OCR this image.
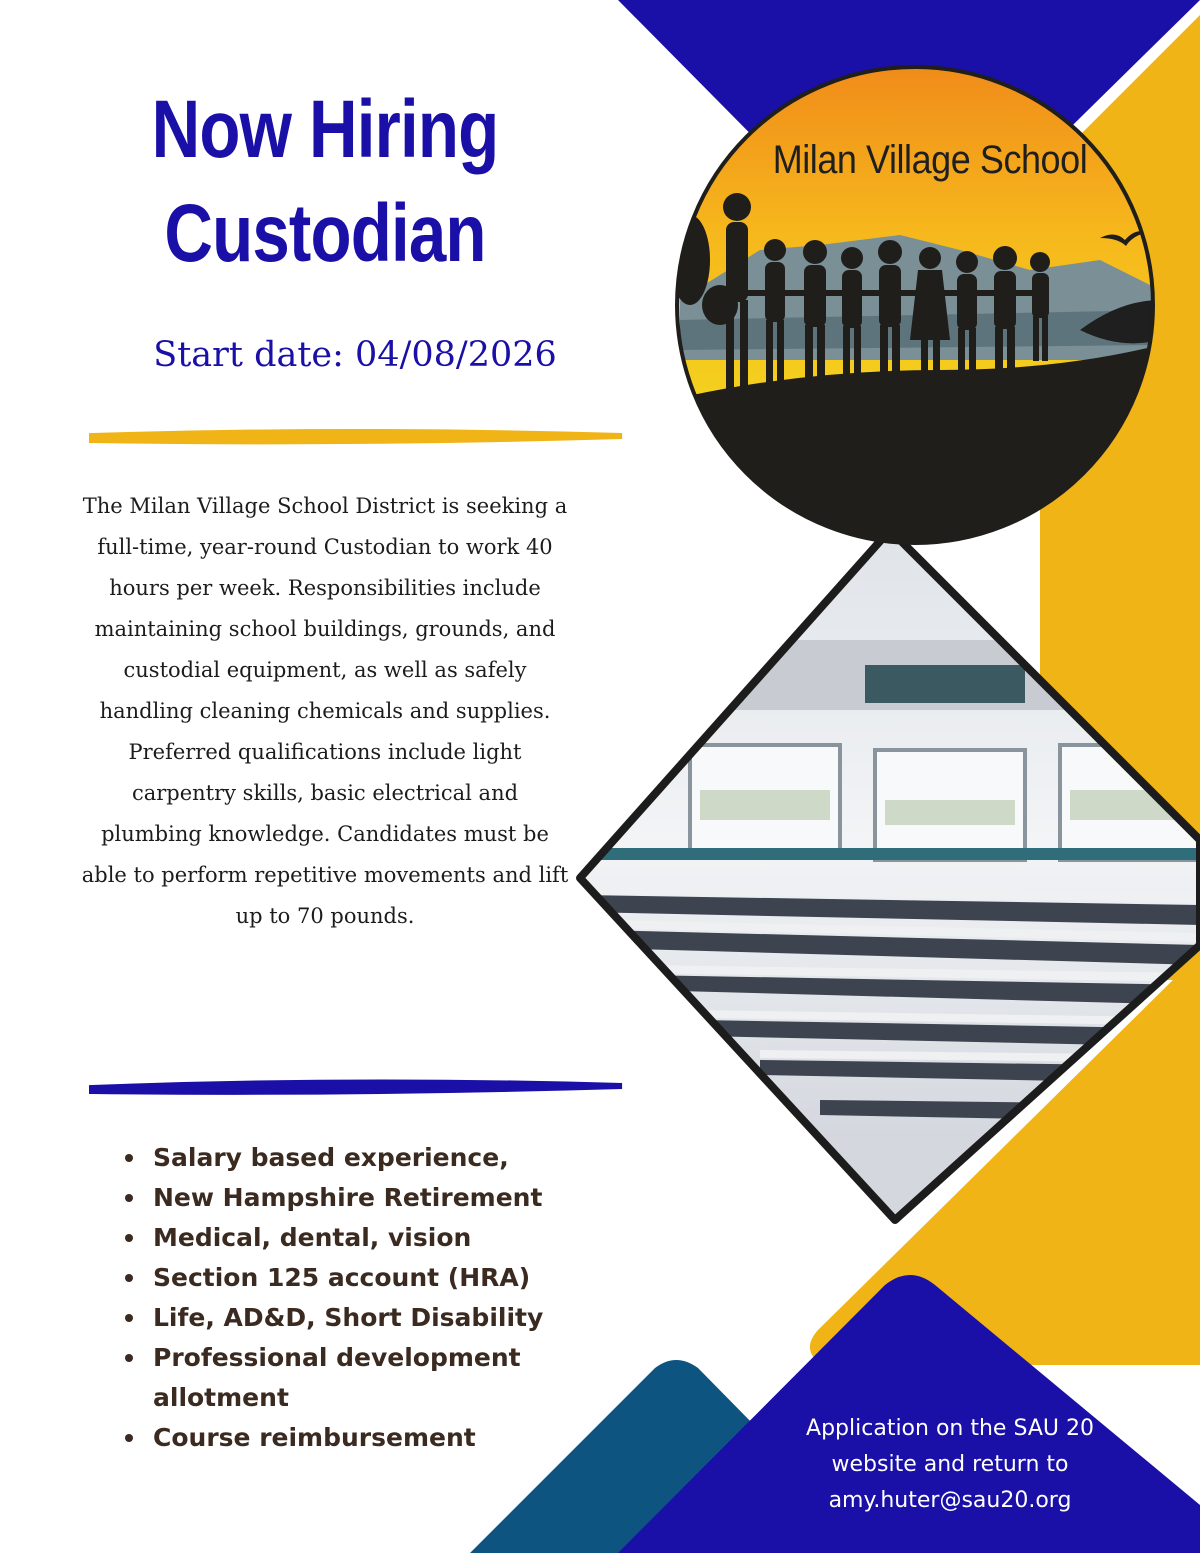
Now Hiring
Custodian
Start date: 04/08/2026
The Milan Village School District is seeking a full-time, year-round Custodian to work 40 hours per week. Responsibilities include maintaining school buildings, grounds, and custodial equipment, as well as safely handling cleaning chemicals and supplies. Preferred qualifications include light carpentry skills, basic electrical and plumbing knowledge. Candidates must be able to perform repetitive movements and lift up to 70 pounds.
Salary based experience,
New Hampshire Retirement
Medical, dental, vision
Section 125 account (HRA)
Life, AD&D, Short Disability
Professional development allotment
Course reimbursement	Application on the SAU 20
website and return to
amy.huter@sau20.org
Milan Village School
